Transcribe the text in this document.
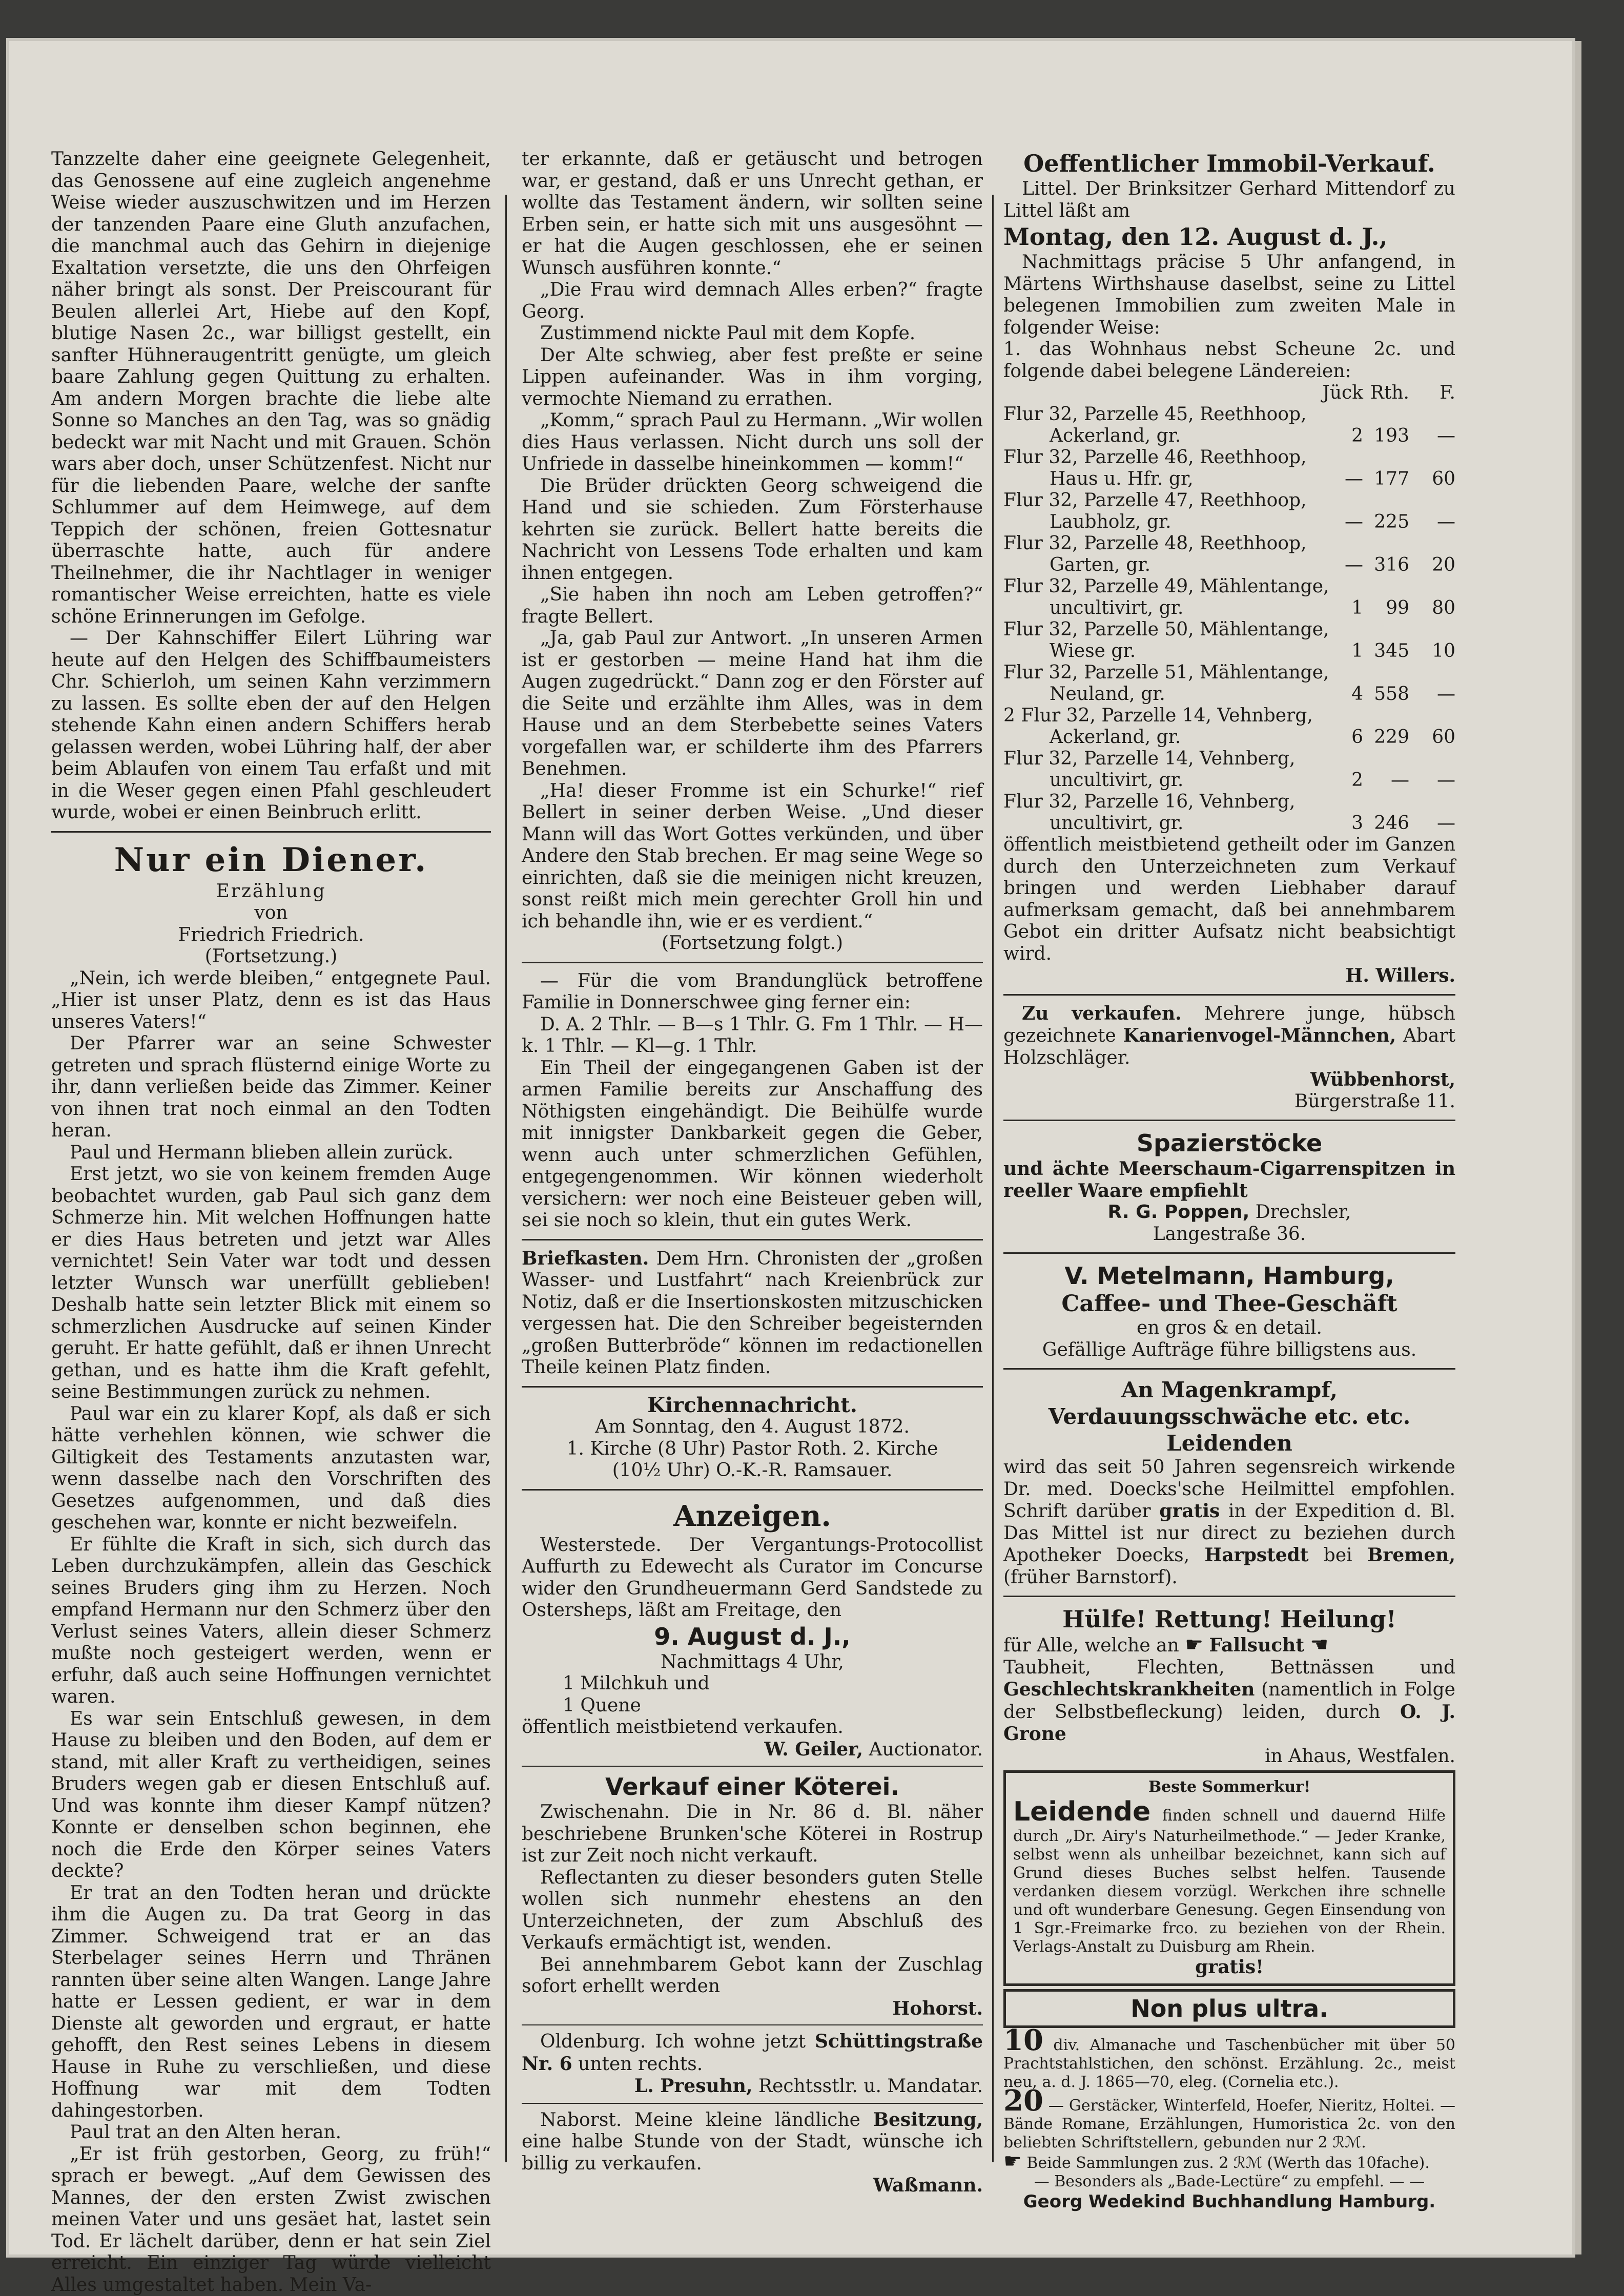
Tanzzelte daher eine geeignete Gelegenheit, das Genossene auf eine zugleich angenehme Weise wieder auszuschwitzen und im Herzen der tanzenden Paare eine Gluth anzufachen, die manchmal auch das Gehirn in diejenige Exaltation versetzte, die uns den Ohrfeigen näher bringt als sonst. Der Preiscourant für Beulen allerlei Art, Hiebe auf den Kopf, blutige Nasen 2c., war billigst gestellt, ein sanfter Hühneraugentritt genügte, um gleich baare Zahlung gegen Quittung zu erhalten. Am andern Morgen brachte die liebe alte Sonne so Manches an den Tag, was so gnädig bedeckt war mit Nacht und mit Grauen. Schön wars aber doch, unser Schützenfest. Nicht nur für die liebenden Paare, welche der sanfte Schlummer auf dem Heimwege, auf dem Teppich der schönen, freien Gottesnatur überraschte hatte, auch für andere Theilnehmer, die ihr Nachtlager in weniger romantischer Weise erreichten, hatte es viele schöne Erinnerungen im Gefolge.

— Der Kahnschiffer Eilert Lühring war heute auf den Helgen des Schiffbaumeisters Chr. Schierloh, um seinen Kahn verzimmern zu lassen. Es sollte eben der auf den Helgen stehende Kahn einen andern Schiffers herab gelassen werden, wobei Lühring half, der aber beim Ablaufen von einem Tau erfaßt und mit in die Weser gegen einen Pfahl geschleudert wurde, wobei er einen Beinbruch erlitt.

Nur ein Diener.

Erzählung

von

Friedrich Friedrich.

(Fortsetzung.)

„Nein, ich werde bleiben,“ entgegnete Paul. „Hier ist unser Platz, denn es ist das Haus unseres Vaters!“

Der Pfarrer war an seine Schwester getreten und sprach flüsternd einige Worte zu ihr, dann verließen beide das Zimmer. Keiner von ihnen trat noch einmal an den Todten heran.

Paul und Hermann blieben allein zurück.

Erst jetzt, wo sie von keinem fremden Auge beobachtet wurden, gab Paul sich ganz dem Schmerze hin. Mit welchen Hoffnungen hatte er dies Haus betreten und jetzt war Alles vernichtet! Sein Vater war todt und dessen letzter Wunsch war unerfüllt geblieben! Deshalb hatte sein letzter Blick mit einem so schmerzlichen Ausdrucke auf seinen Kinder geruht. Er hatte gefühlt, daß er ihnen Unrecht gethan, und es hatte ihm die Kraft gefehlt, seine Bestimmungen zurück zu nehmen.

Paul war ein zu klarer Kopf, als daß er sich hätte verhehlen können, wie schwer die Giltigkeit des Testaments anzutasten war, wenn dasselbe nach den Vorschriften des Gesetzes aufgenommen, und daß dies geschehen war, konnte er nicht bezweifeln.

Er fühlte die Kraft in sich, sich durch das Leben durchzukämpfen, allein das Geschick seines Bruders ging ihm zu Herzen. Noch empfand Hermann nur den Schmerz über den Verlust seines Vaters, allein dieser Schmerz mußte noch gesteigert werden, wenn er erfuhr, daß auch seine Hoffnungen vernichtet waren.

Es war sein Entschluß gewesen, in dem Hause zu bleiben und den Boden, auf dem er stand, mit aller Kraft zu vertheidigen, seines Bruders wegen gab er diesen Entschluß auf. Und was konnte ihm dieser Kampf nützen? Konnte er denselben schon beginnen, ehe noch die Erde den Körper seines Vaters deckte?

Er trat an den Todten heran und drückte ihm die Augen zu. Da trat Georg in das Zimmer. Schweigend trat er an das Sterbelager seines Herrn und Thränen rannten über seine alten Wangen. Lange Jahre hatte er Lessen gedient, er war in dem Dienste alt geworden und ergraut, er hatte gehofft, den Rest seines Lebens in diesem Hause in Ruhe zu verschließen, und diese Hoffnung war mit dem Todten dahingestorben.

Paul trat an den Alten heran.

„Er ist früh gestorben, Georg, zu früh!“ sprach er bewegt. „Auf dem Gewissen des Mannes, der den ersten Zwist zwischen meinen Vater und uns gesäet hat, lastet sein Tod. Er lächelt darüber, denn er hat sein Ziel erreicht. Ein einziger Tag würde vielleicht Alles umgestaltet haben. Mein Va-

ter erkannte, daß er getäuscht und betrogen war, er gestand, daß er uns Unrecht gethan, er wollte das Testament ändern, wir sollten seine Erben sein, er hatte sich mit uns ausgesöhnt — er hat die Augen geschlossen, ehe er seinen Wunsch ausführen konnte.“

„Die Frau wird demnach Alles erben?“ fragte Georg.

Zustimmend nickte Paul mit dem Kopfe.

Der Alte schwieg, aber fest preßte er seine Lippen aufeinander. Was in ihm vorging, vermochte Niemand zu errathen.

„Komm,“ sprach Paul zu Hermann. „Wir wollen dies Haus verlassen. Nicht durch uns soll der Unfriede in dasselbe hineinkommen — komm!“

Die Brüder drückten Georg schweigend die Hand und sie schieden. Zum Försterhause kehrten sie zurück. Bellert hatte bereits die Nachricht von Lessens Tode erhalten und kam ihnen entgegen.

„Sie haben ihn noch am Leben getroffen?“ fragte Bellert.

„Ja, gab Paul zur Antwort. „In unseren Armen ist er gestorben — meine Hand hat ihm die Augen zugedrückt.“ Dann zog er den Förster auf die Seite und erzählte ihm Alles, was in dem Hause und an dem Sterbebette seines Vaters vorgefallen war, er schilderte ihm des Pfarrers Benehmen.

„Ha! dieser Fromme ist ein Schurke!“ rief Bellert in seiner derben Weise. „Und dieser Mann will das Wort Gottes verkünden, und über Andere den Stab brechen. Er mag seine Wege so einrichten, daß sie die meinigen nicht kreuzen, sonst reißt mich mein gerechter Groll hin und ich behandle ihn, wie er es verdient.“

(Fortsetzung folgt.)

— Für die vom Brandunglück betroffene Familie in Donnerschwee ging ferner ein:

D. A. 2 Thlr. — B—s 1 Thlr. G. Fm 1 Thlr. — H—k. 1 Thlr. — Kl—g. 1 Thlr.

Ein Theil der eingegangenen Gaben ist der armen Familie bereits zur Anschaffung des Nöthigsten eingehändigt. Die Beihülfe wurde mit innigster Dankbarkeit gegen die Geber, wenn auch unter schmerzlichen Gefühlen, entgegengenommen. Wir können wiederholt versichern: wer noch eine Beisteuer geben will, sei sie noch so klein, thut ein gutes Werk.

Briefkasten. Dem Hrn. Chronisten der „großen Wasser- und Lustfahrt“ nach Kreienbrück zur Notiz, daß er die Insertionskosten mitzuschicken vergessen hat. Die den Schreiber begeisternden „großen Butterbröde“ können im redactionellen Theile keinen Platz finden.

Kirchennachricht.

Am Sonntag, den 4. August 1872.

1. Kirche (8 Uhr) Pastor Roth. 2. Kirche

(10½ Uhr) O.-K.-R. Ramsauer.

Anzeigen.

Westerstede. Der Vergantungs-Protocollist Auffurth zu Edewecht als Curator im Concurse wider den Grundheuermann Gerd Sandstede zu Ostersheps, läßt am Freitage, den

9. August d. J.,

Nachmittags 4 Uhr,

1 Milchkuh und

1 Quene

öffentlich meistbietend verkaufen.

W. Geiler, Auctionator.

Verkauf einer Köterei.

Zwischenahn. Die in Nr. 86 d. Bl. näher beschriebene Brunken'sche Köterei in Rostrup ist zur Zeit noch nicht verkauft.

Reflectanten zu dieser besonders guten Stelle wollen sich nunmehr ehestens an den Unterzeichneten, der zum Abschluß des Verkaufs ermächtigt ist, wenden.

Bei annehmbarem Gebot kann der Zuschlag sofort erhellt werden

Hohorst.

Oldenburg. Ich wohne jetzt Schüttingstraße Nr. 6 unten rechts.

L. Presuhn, Rechtsstlr. u. Mandatar.

Naborst. Meine kleine ländliche Besitzung, eine halbe Stunde von der Stadt, wünsche ich billig zu verkaufen.

Waßmann.

Oeffentlicher Immobil-Verkauf.

Littel. Der Brinksitzer Gerhard Mittendorf zu Littel läßt am

Montag, den 12. August d. J.,

Nachmittags präcise 5 Uhr anfangend, in Märtens Wirthshause daselbst, seine zu Littel belegenen Immobilien zum zweiten Male in folgender Weise:

1. das Wohnhaus nebst Scheune 2c. und folgende dabei belegene Ländereien:

	Jück	Rth.	F.
Flur 32, Parzelle 45, Reethhoop,			
Ackerland, gr.	2	193	—
Flur 32, Parzelle 46, Reethhoop,			
Haus u. Hfr. gr,	—	177	60
Flur 32, Parzelle 47, Reethhoop,			
Laubholz, gr.	—	225	—
Flur 32, Parzelle 48, Reethhoop,			
Garten, gr.	—	316	20
Flur 32, Parzelle 49, Mählentange,			
uncultivirt, gr.	1	99	80
Flur 32, Parzelle 50, Mählentange,			
Wiese gr.	1	345	10
Flur 32, Parzelle 51, Mählentange,			
Neuland, gr.	4	558	—
2 Flur 32, Parzelle 14, Vehnberg,			
Ackerland, gr.	6	229	60
Flur 32, Parzelle 14, Vehnberg,			
uncultivirt, gr.	2	—	—
Flur 32, Parzelle 16, Vehnberg,			
uncultivirt, gr.	3	246	—

öffentlich meistbietend getheilt oder im Ganzen durch den Unterzeichneten zum Verkauf bringen und werden Liebhaber darauf aufmerksam gemacht, daß bei annehmbarem Gebot ein dritter Aufsatz nicht beabsichtigt wird.

H. Willers.

Zu verkaufen. Mehrere junge, hübsch gezeichnete Kanarienvogel-Männchen, Abart Holzschläger.

Wübbenhorst,

Bürgerstraße 11.

Spazierstöcke

und ächte Meerschaum-Cigarrenspitzen in reeller Waare empfiehlt

R. G. Poppen, Drechsler,

Langestraße 36.

V. Metelmann, Hamburg,

Caffee- und Thee-Geschäft

en gros & en detail.

Gefällige Aufträge führe billigstens aus.

An Magenkrampf, Verdauungsschwäche etc. etc. Leidenden

wird das seit 50 Jahren segensreich wirkende Dr. med. Doecks'sche Heilmittel empfohlen. Schrift darüber gratis in der Expedition d. Bl. Das Mittel ist nur direct zu beziehen durch Apotheker Doecks, Harpstedt bei Bremen, (früher Barnstorf).

Hülfe! Rettung! Heilung!

für Alle, welche an ☛ Fallsucht ☚

Taubheit, Flechten, Bettnässen und Geschlechtskrankheiten (namentlich in Folge der Selbstbefleckung) leiden, durch O. J. Grone

in Ahaus, Westfalen.

Beste Sommerkur!

Leidende finden schnell und dauernd Hilfe durch „Dr. Airy's Naturheilmethode.“ — Jeder Kranke, selbst wenn als unheilbar bezeichnet, kann sich auf Grund dieses Buches selbst helfen. Tausende verdanken diesem vorzügl. Werkchen ihre schnelle und oft wunderbare Genesung. Gegen Einsendung von 1 Sgr.-Freimarke frco. zu beziehen von der Rhein. Verlags-Anstalt zu Duisburg am Rhein.

gratis!

Non plus ultra.

10 div. Almanache und Taschenbücher mit über 50 Prachtstahlstichen, den schönst. Erzählung. 2c., meist neu, a. d. J. 1865—70, eleg. (Cornelia etc.).

20 — Gerstäcker, Winterfeld, Hoefer, Nieritz, Holtei. — Bände Romane, Erzählungen, Humoristica 2c. von den beliebten Schriftstellern, gebunden nur 2 ℛℳ.

☛ Beide Sammlungen zus. 2 ℛℳ (Werth das 10fache).

— Besonders als „Bade-Lectüre“ zu empfehl. — —

Georg Wedekind Buchhandlung Hamburg.
